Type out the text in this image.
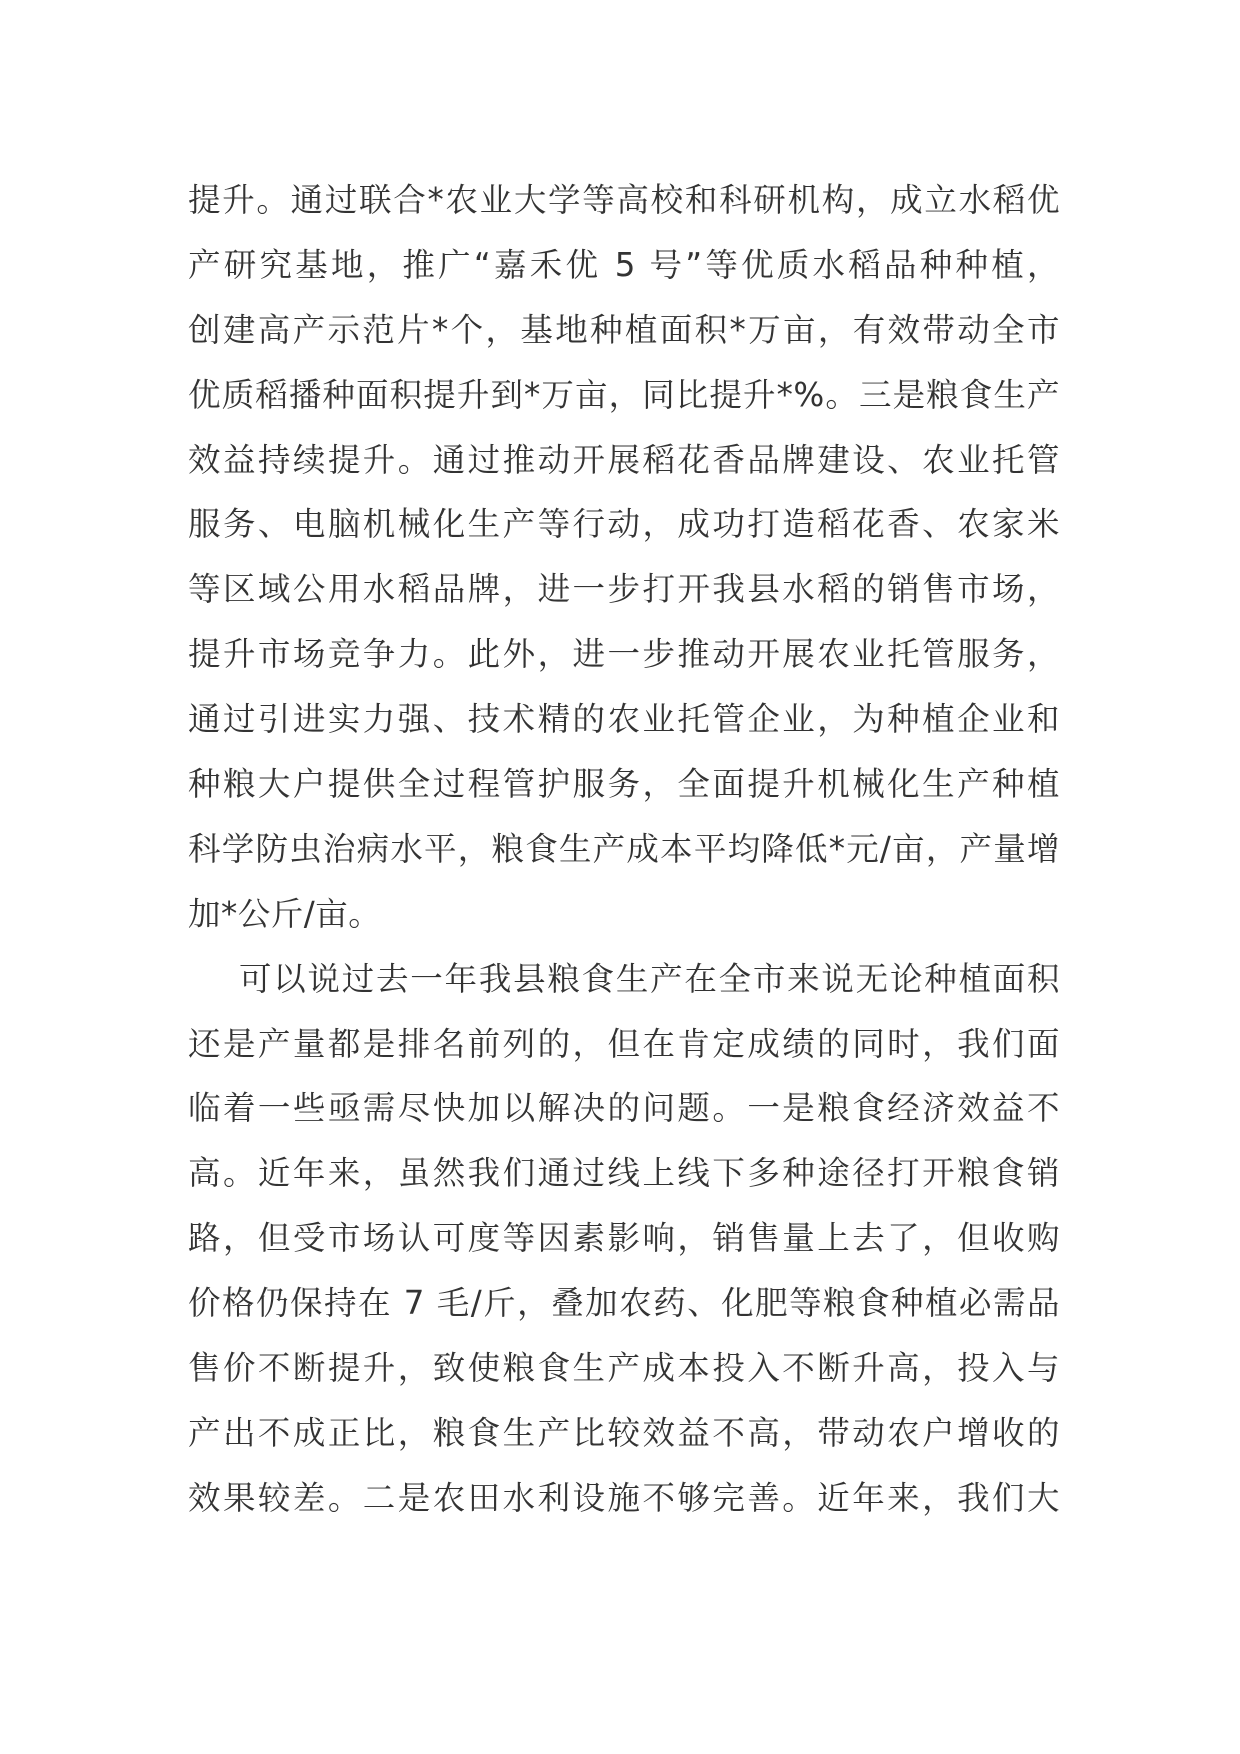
提升。通过联合*农业大学等高校和科研机构，成立水稻优
产研究基地，推广“嘉禾优 5 号”等优质水稻品种种植，
创建高产示范片*个，基地种植面积*万亩，有效带动全市
优质稻播种面积提升到*万亩，同比提升*%。三是粮食生产
效益持续提升。通过推动开展稻花香品牌建设、农业托管
服务、电脑机械化生产等行动，成功打造稻花香、农家米
等区域公用水稻品牌，进一步打开我县水稻的销售市场，
提升市场竞争力。此外，进一步推动开展农业托管服务，
通过引进实力强、技术精的农业托管企业，为种植企业和
种粮大户提供全过程管护服务，全面提升机械化生产种植
科学防虫治病水平，粮食生产成本平均降低*元/亩，产量增
加*公斤/亩。
可以说过去一年我县粮食生产在全市来说无论种植面积
还是产量都是排名前列的，但在肯定成绩的同时，我们面
临着一些亟需尽快加以解决的问题。一是粮食经济效益不
高。近年来，虽然我们通过线上线下多种途径打开粮食销
路，但受市场认可度等因素影响，销售量上去了，但收购
价格仍保持在 7 毛/斤，叠加农药、化肥等粮食种植必需品
售价不断提升，致使粮食生产成本投入不断升高，投入与
产出不成正比，粮食生产比较效益不高，带动农户增收的
效果较差。二是农田水利设施不够完善。近年来，我们大
